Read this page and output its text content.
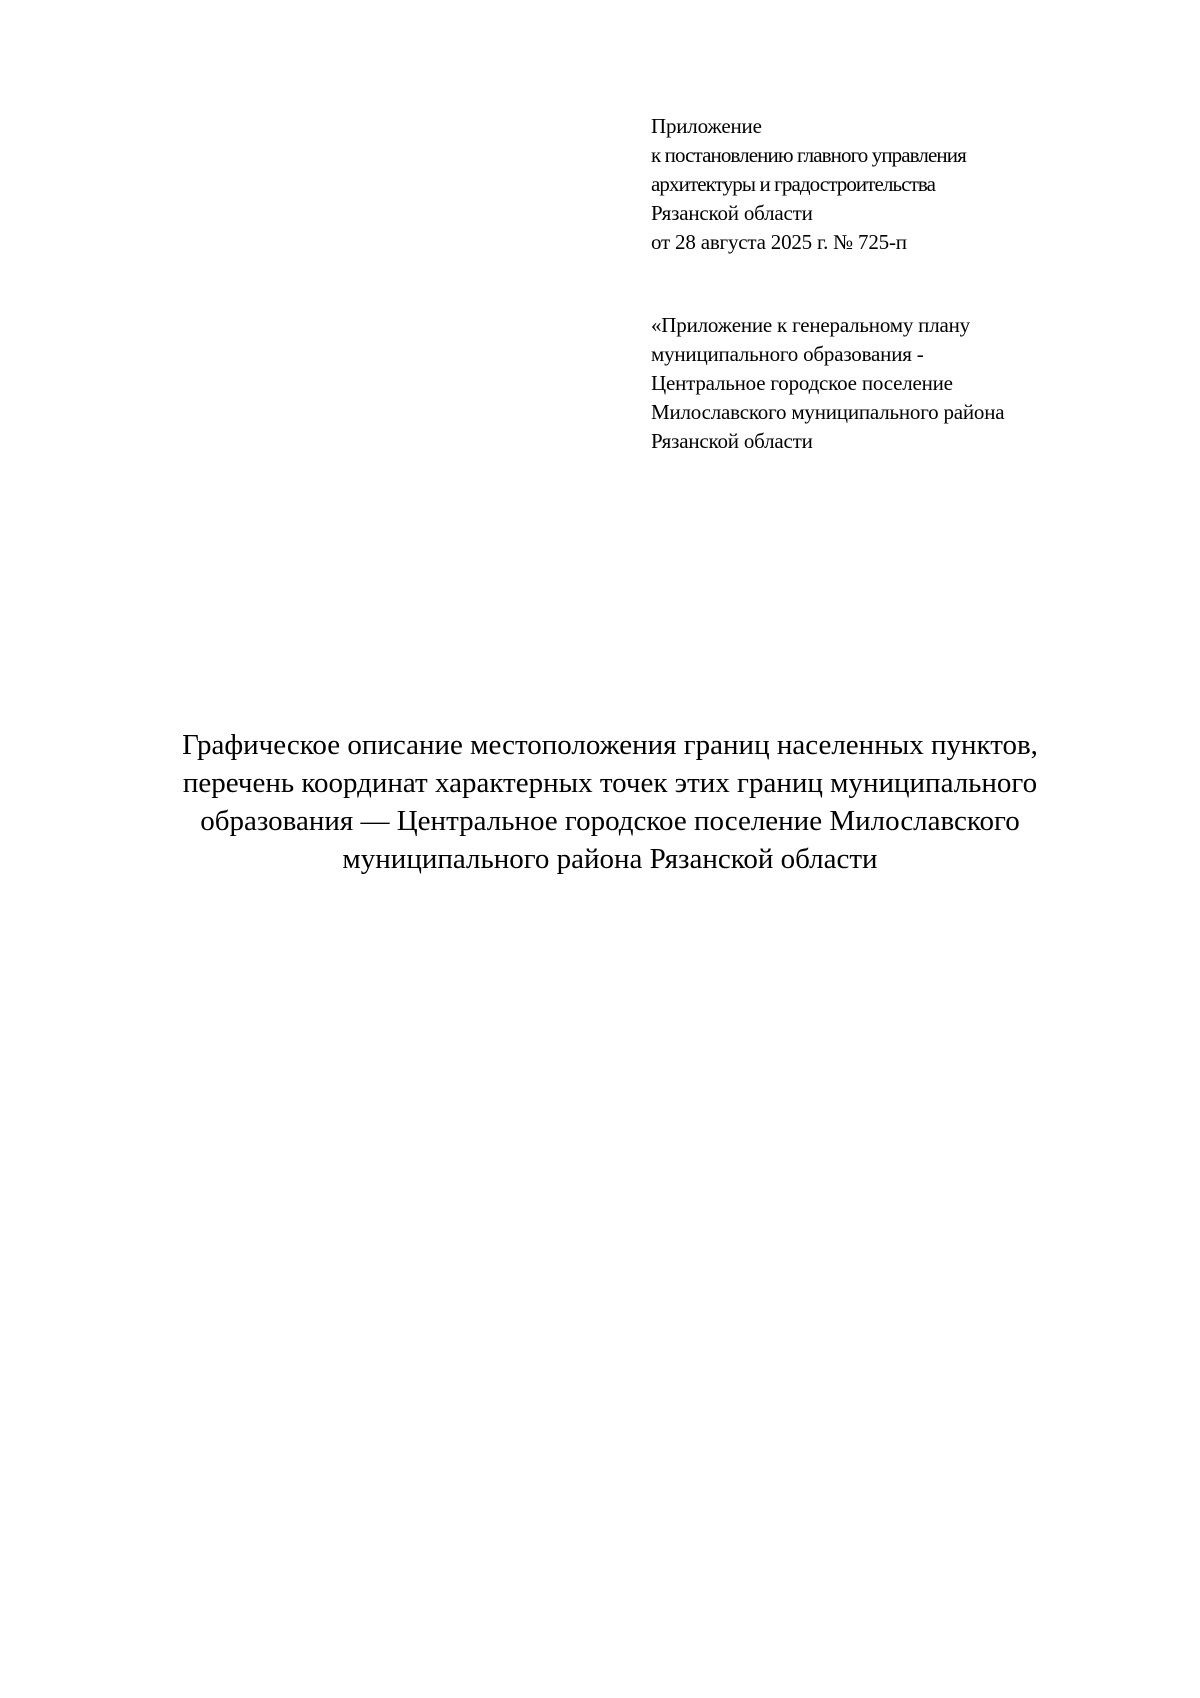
Приложение
к постановлению главного управления
архитектуры и градостроительства
Рязанской области
от 28 августа 2025 г. № 725-п
«Приложение к генеральному плану
муниципального образования -
Центральное городское поселение
Милославского муниципального района
Рязанской области
Графическое описание местоположения границ населенных пунктов,
перечень координат характерных точек этих границ муниципального
образования — Центральное городское поселение Милославского
муниципального района Рязанской области
